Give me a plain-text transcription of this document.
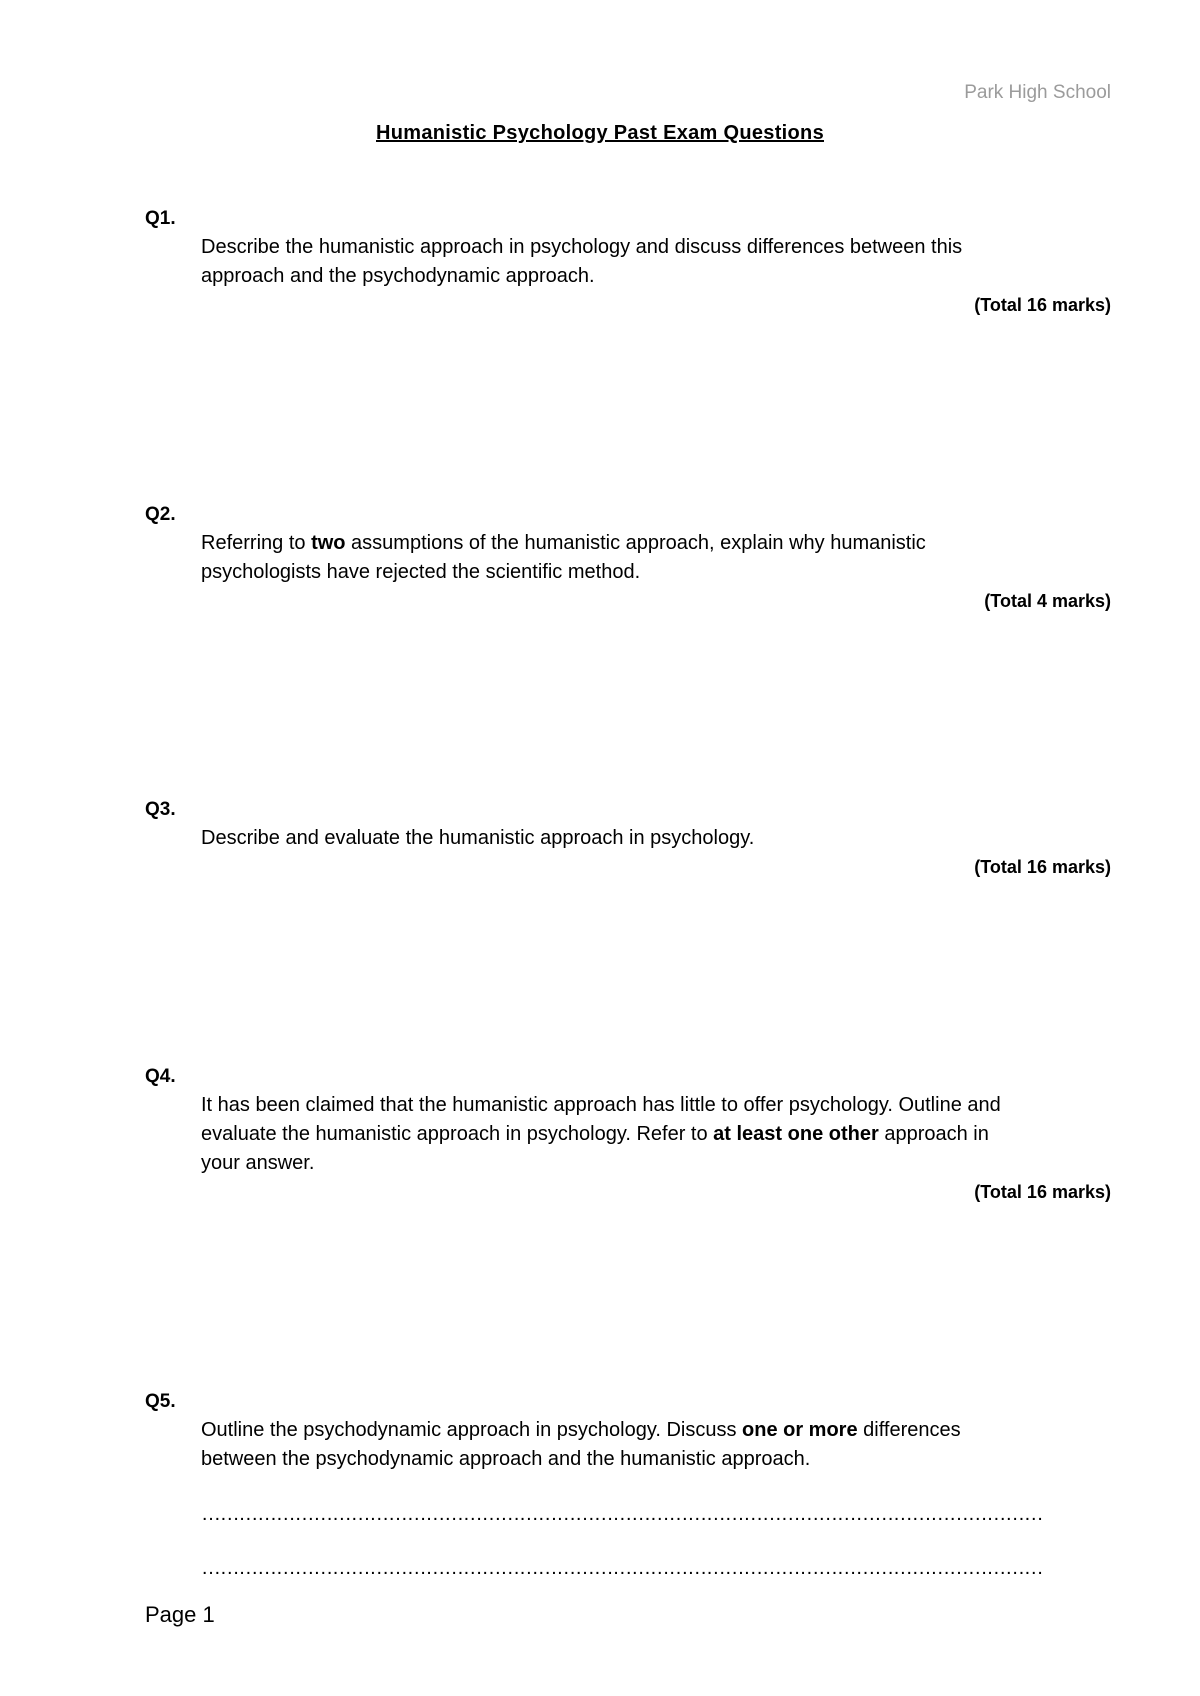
Park High School
Humanistic Psychology Past Exam Questions

Q1.

Describe the humanistic approach in psychology and discuss differences between this approach and the psychodynamic approach.

(Total 16 marks)

Q2.

Referring to two assumptions of the humanistic approach, explain why humanistic psychologists have rejected the scientific method.

(Total 4 marks)

Q3.

Describe and evaluate the humanistic approach in psychology.

(Total 16 marks)

Q4.

It has been claimed that the humanistic approach has little to offer psychology. Outline and evaluate the humanistic approach in psychology. Refer to at least one other approach in your answer.

(Total 16 marks)

Q5.

Outline the psychodynamic approach in psychology. Discuss one or more differences between the psychodynamic approach and the humanistic approach.

………………………………………………………………………………………………………………………
………………………………………………………………………………………………………………………
Page 1
